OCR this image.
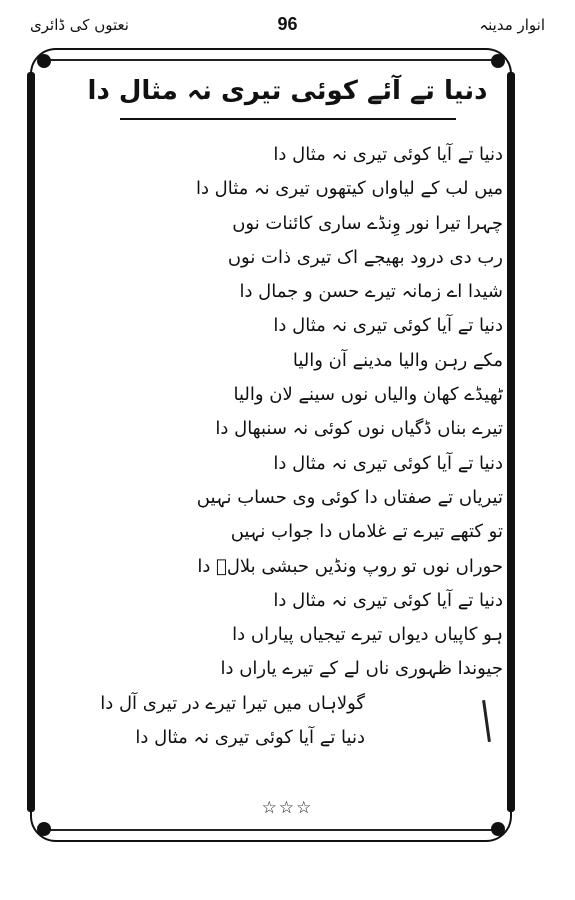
انوار مدینہ
96
نعتوں کی ڈائری
دنیا تے آئے کوئی تیری نہ مثال دا
دنیا تے آیا کوئی تیری نہ مثال دا
میں لب کے لیاواں کیتھوں تیری نہ مثال دا
چہرا تیرا نور وِنڈے ساری کائنات نوں
رب دی درود بھیجے اک تیری ذات نوں
شیدا اے زمانہ تیرے حسن و جمال دا
دنیا تے آیا کوئی تیری نہ مثال دا
مکے رہن والیا مدینے آن والیا
ٹھیڈے کھان والیاں نوں سینے لان والیا
تیرے بناں ڈگیاں نوں کوئی نہ سنبھال دا
دنیا تے آیا کوئی تیری نہ مثال دا
تیریاں تے صفتاں دا کوئی وی حساب نہیں
تو کتھے تیرے تے غلاماں دا جواب نہیں
حوراں نوں تو روپ ونڈیں حبشی بلالؓ دا
دنیا تے آیا کوئی تیری نہ مثال دا
ہو کاپیاں دیواں تیرے تیجیاں پیاراں دا
جیوندا ظہوری ناں لے کے تیرے یاراں دا
گولاہاں میں تیرا تیرے در تیری آل دا
دنیا تے آیا کوئی تیری نہ مثال دا
☆☆☆
